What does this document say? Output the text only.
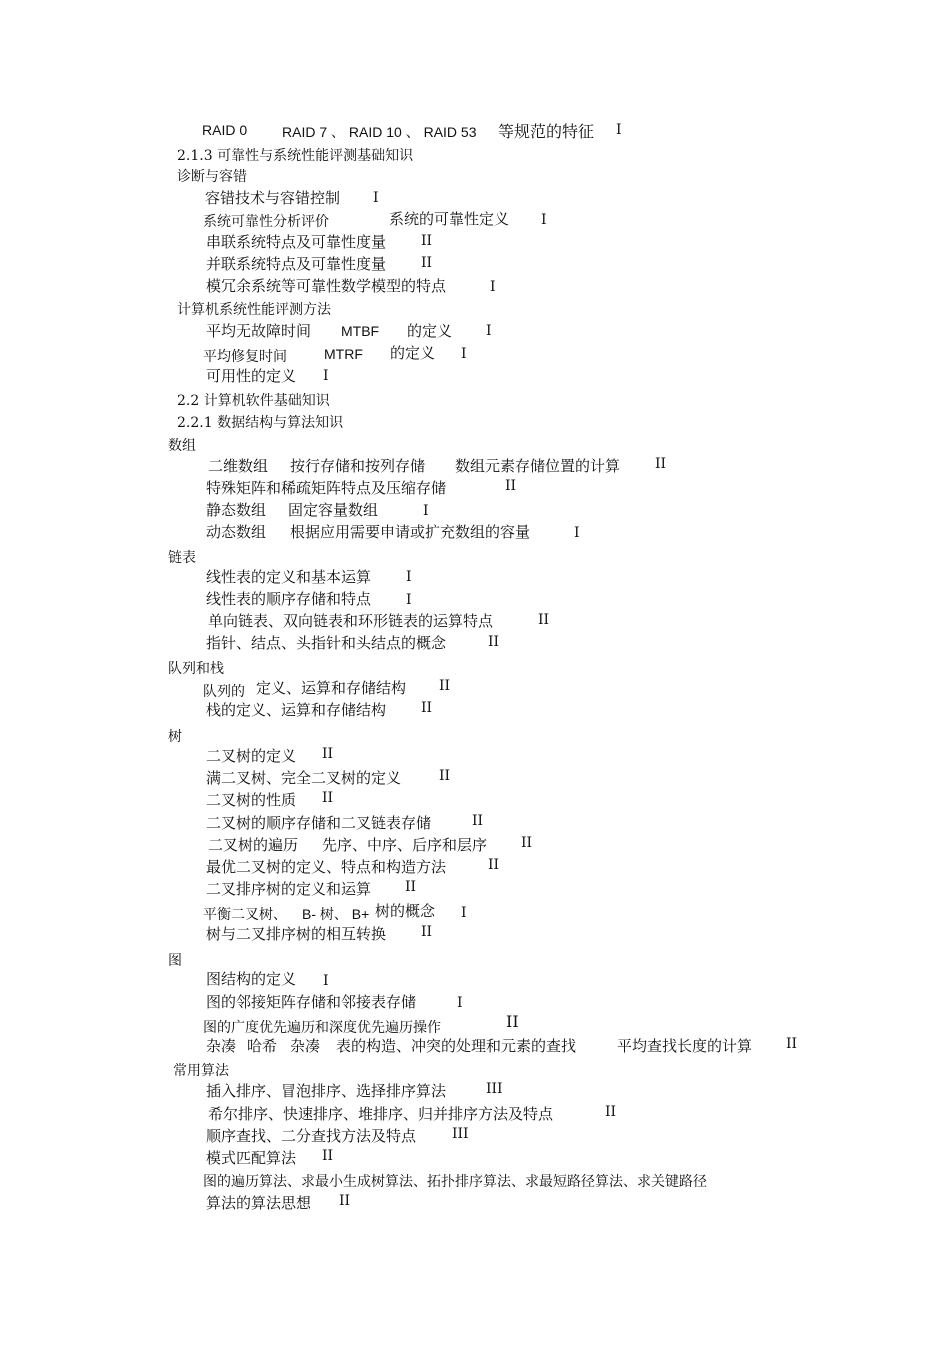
RAID 0 RAID 7 、 RAID 10 、 RAID 53 等规范的特征 I
2.1.3 可靠性与系统性能评测基础知识
诊断与容错
容错技术与容错控制 I
系统可靠性分析评价	系统的可靠性定义 I
串联系统特点及可靠性度量 II
并联系统特点及可靠性度量 II
模冗余系统等可靠性数学模型的特点	I
计算机系统性能评测方法
平均无故障时间 MTBF 的定义 I
平均修复时间	MTRF 的定义 I
可用性的定义 I
2.2 计算机软件基础知识
2.2.1 数据结构与算法知识
数组
二维数组 按行存储和按列存储 数组元素存储位置的计算 II
特殊矩阵和稀疏矩阵特点及压缩存储	II
静态数组 固定容量数组	I
动态数组 根据应用需要申请或扩充数组的容量	I
链表
线性表的定义和基本运算 I
线性表的顺序存储和特点 I
单向链表、双向链表和环形链表的运算特点	II
指针、结点、头指针和头结点的概念	II
队列和栈
队列的 定义、运算和存储结构 II
栈的定义、运算和存储结构 II
树
二叉树的定义 II
满二叉树、完全二叉树的定义	II
二叉树的性质 II
二叉树的顺序存储和二叉链表存储	II
二叉树的遍历 先序、中序、后序和层序 II
最优二叉树的定义、特点和构造方法	II
二叉排序树的定义和运算 II
平衡二叉树、 B- 树、 B+ 树的概念 I
树与二叉排序树的相互转换 II
图
图结构的定义 I
图的邻接矩阵存储和邻接表存储	I
图的广度优先遍历和深度优先遍历操作	II
杂凑 哈希 杂凑 表的构造、冲突的处理和元素的查找	平均查找长度的计算 II
常用算法
插入排序、冒泡排序、选择排序算法	III
希尔排序、快速排序、堆排序、归并排序方法及特点	II
顺序查找、二分查找方法及特点	III
模式匹配算法 II
图的遍历算法、求最小生成树算法、拓扑排序算法、求最短路径算法、求关键路径
算法的算法思想 II
